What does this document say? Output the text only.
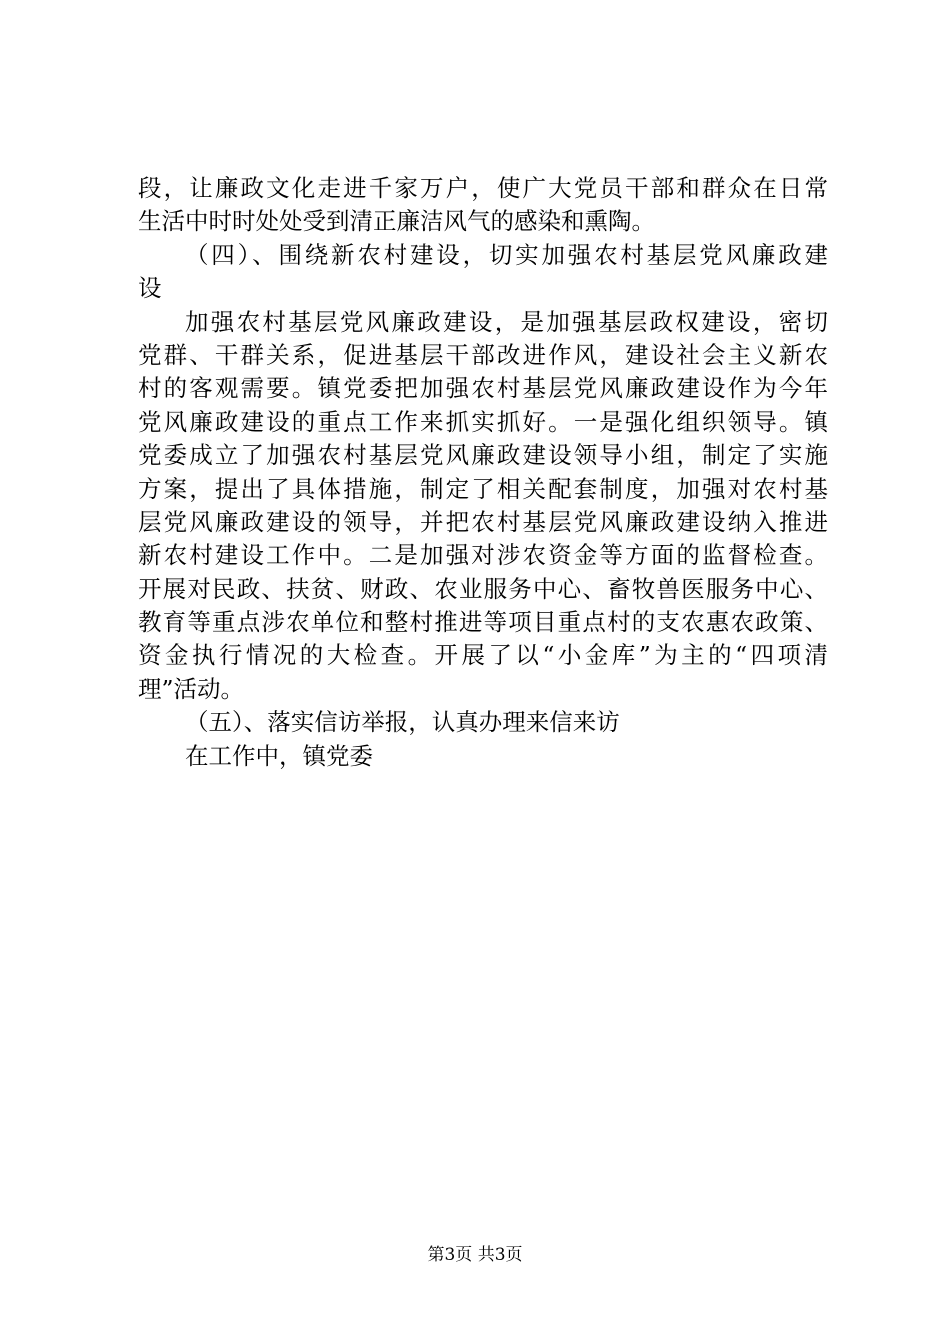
段，让廉政文化走进千家万户，使广大党员干部和群众在日常
生活中时时处处受到清正廉洁风气的感染和熏陶。
（四）、围绕新农村建设，切实加强农村基层党风廉政建
设
加强农村基层党风廉政建设，是加强基层政权建设，密切
党群、干群关系，促进基层干部改进作风，建设社会主义新农
村的客观需要。镇党委把加强农村基层党风廉政建设作为今年
党风廉政建设的重点工作来抓实抓好。一是强化组织领导。镇
党委成立了加强农村基层党风廉政建设领导小组，制定了实施
方案，提出了具体措施，制定了相关配套制度，加强对农村基
层党风廉政建设的领导，并把农村基层党风廉政建设纳入推进
新农村建设工作中。二是加强对涉农资金等方面的监督检查。
开展对民政、扶贫、财政、农业服务中心、畜牧兽医服务中心、
教育等重点涉农单位和整村推进等项目重点村的支农惠农政策、
资金执行情况的大检查。开展了以“小金库”为主的“四项清
理”活动。
（五）、落实信访举报，认真办理来信来访
在工作中，镇党委
第3页 共3页
